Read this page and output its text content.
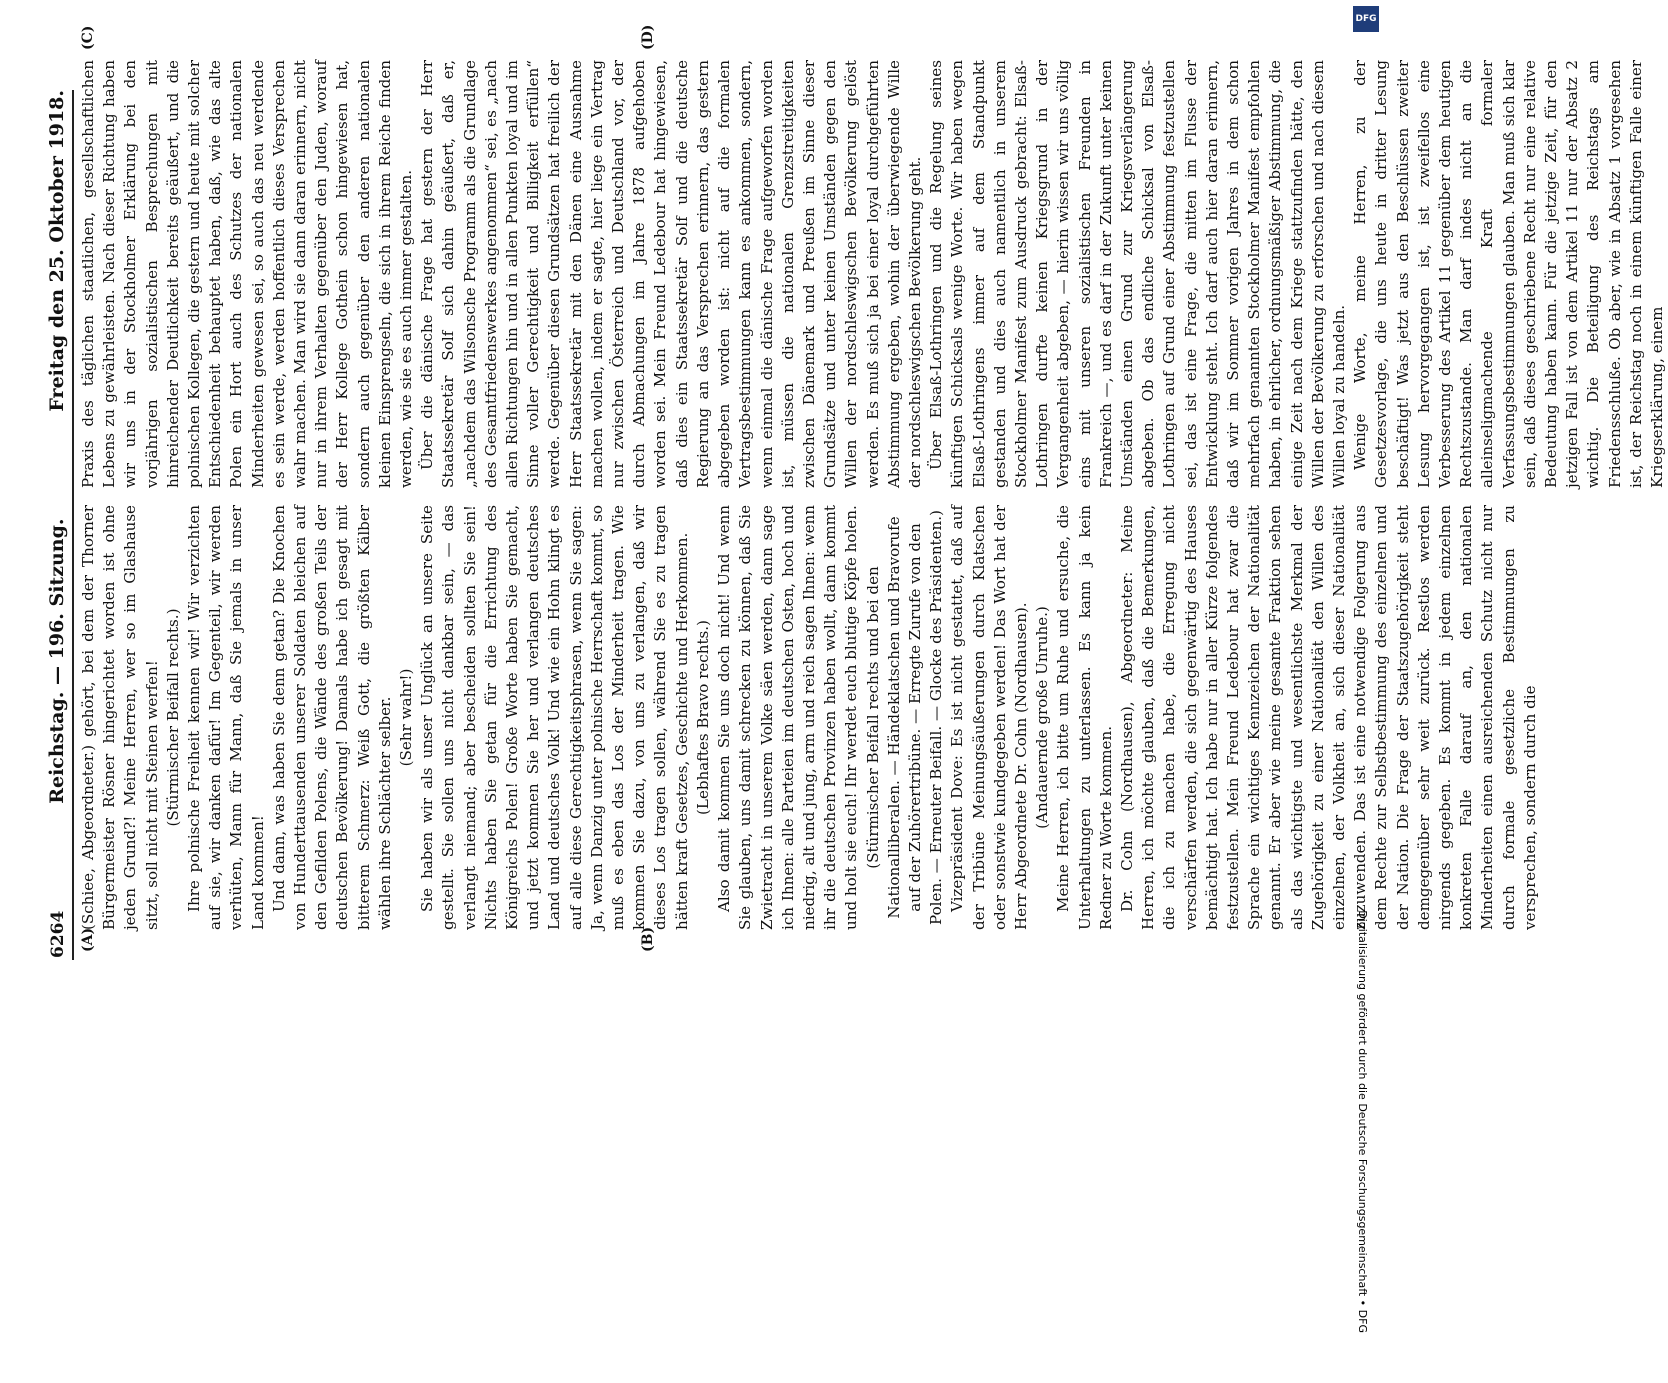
6264
Reichstag. — 196. Sitzung.
Freitag den 25. Oktober 1918.
(A)	(B)
(C)	(D)

(Schiee, Abgeordneter.) gehört, bei dem der Thorner Bürgermeister Rösner hingerichtet worden ist ohne jeden Grund?! Meine Herren, wer so im Glashause sitzt, soll nicht mit Steinen werfen! (Stürmischer Beifall rechts.) Ihre polnische Freiheit kennen wir! Wir verzichten auf sie, wir danken dafür! Im Gegenteil, wir werden verhüten, Mann für Mann, daß Sie jemals in unser Land kommen! Und dann, was haben Sie denn getan? Die Knochen von Hunderttausenden unserer Soldaten bleichen auf den Gefilden Polens, die Wände des großen Teils der deutschen Bevölkerung! Damals habe ich gesagt mit bitterem Schmerz: Weiß Gott, die größten Kälber wählen ihre Schlächter selber. (Sehr wahr!) Sie haben wir als unser Unglück an unsere Seite gestellt. Sie sollen uns nicht dankbar sein, — das verlangt niemand; aber bescheiden sollten Sie sein! Nichts haben Sie getan für die Errichtung des Königreichs Polen! Große Worte haben Sie gemacht, und jetzt kommen Sie her und verlangen deutsches Land und deutsches Volk! Und wie ein Hohn klingt es auf alle diese Gerechtigkeitsphrasen, wenn Sie sagen: Ja, wenn Danzig unter polnische Herrschaft kommt, so muß es eben das Los der Minderheit tragen. Wie kommen Sie dazu, von uns zu verlangen, daß wir dieses Los tragen sollen, während Sie es zu tragen hätten kraft Gesetzes, Geschichte und Herkommen. (Lebhaftes Bravo rechts.) Also damit kommen Sie uns doch nicht! Und wenn Sie glauben, uns damit schrecken zu können, daß Sie Zwietracht in unserem Volke säen werden, dann sage ich Ihnen: alle Parteien im deutschen Osten, hoch und niedrig, alt und jung, arm und reich sagen Ihnen: wenn ihr die deutschen Provinzen haben wollt, dann kommt und holt sie euch! Ihr werdet euch blutige Köpfe holen. (Stürmischer Beifall rechts und bei den Nationalliberalen. — Händeklatschen und Bravorufe auf der Zuhörertribüne. — Erregte Zurufe von den Polen. — Erneuter Beifall. — Glocke des Präsidenten.) Vizepräsident Dove: Es ist nicht gestattet, daß auf der Tribüne Meinungsäußerungen durch Klatschen oder sonstwie kundgegeben werden! Das Wort hat der Herr Abgeordnete Dr. Cohn (Nordhausen). (Andauernde große Unruhe.) Meine Herren, ich bitte um Ruhe und ersuche, die Unterhaltungen zu unterlassen. Es kann ja kein Redner zu Worte kommen. Dr. Cohn (Nordhausen), Abgeordneter: Meine Herren, ich möchte glauben, daß die Bemerkungen, die ich zu machen habe, die Erregung nicht verschärfen werden, die sich gegenwärtig des Hauses bemächtigt hat. Ich habe nur in aller Kürze folgendes festzustellen. Mein Freund Ledebour hat zwar die Sprache ein wichtiges Kennzeichen der Nationalität genannt. Er aber wie meine gesamte Fraktion sehen als das wichtigste und wesentlichste Merkmal der Zugehörigkeit zu einer Nationalität den Willen des einzelnen, der Volkheit an, sich dieser Nationalität zuzuwenden. Das ist eine notwendige Folgerung aus dem Rechte zur Selbstbestimmung des einzelnen und der Nation. Die Frage der Staatszugehörigkeit steht demgegenüber sehr weit zurück. Restlos werden nirgends gegeben. Es kommt in jedem einzelnen konkreten Falle darauf an, den nationalen Minderheiten einen ausreichenden Schutz nicht nur durch formale gesetzliche Bestimmungen zu versprechen, sondern durch die

Praxis des täglichen staatlichen, gesellschaftlichen Lebens zu gewährleisten. Nach dieser Richtung haben wir uns in der Stockholmer Erklärung bei den vorjährigen sozialistischen Besprechungen mit hinreichender Deutlichkeit bereits geäußert, und die polnischen Kollegen, die gestern und heute mit solcher Entschiedenheit behauptet haben, daß, wie das alte Polen ein Hort auch des Schutzes der nationalen Minderheiten gewesen sei, so auch das neu werdende es sein werde, werden hoffentlich dieses Versprechen wahr machen. Man wird sie dann daran erinnern, nicht nur in ihrem Verhalten gegenüber den Juden, worauf der Herr Kollege Gothein schon hingewiesen hat, sondern auch gegenüber den anderen nationalen kleinen Einsprengseln, die sich in ihrem Reiche finden werden, wie sie es auch immer gestalten. Über die dänische Frage hat gestern der Herr Staatssekretär Solf sich dahin geäußert, daß er, „nachdem das Wilsonsche Programm als die Grundlage des Gesamtfriedenswerkes angenommen“ sei, es „nach allen Richtungen hin und in allen Punkten loyal und im Sinne voller Gerechtigkeit und Billigkeit erfüllen“ werde. Gegenüber diesen Grundsätzen hat freilich der Herr Staatssekretär mit den Dänen eine Ausnahme machen wollen, indem er sagte, hier liege ein Vertrag nur zwischen Österreich und Deutschland vor, der durch Abmachungen im Jahre 1878 aufgehoben worden sei. Mein Freund Ledebour hat hingewiesen, daß dies ein Staatssekretär Solf und die deutsche Regierung an das Versprechen erinnern, das gestern abgegeben worden ist: nicht auf die formalen Vertragsbestimmungen kann es ankommen, sondern, wenn einmal die dänische Frage aufgeworfen worden ist, müssen die nationalen Grenzstreitigkeiten zwischen Dänemark und Preußen im Sinne dieser Grundsätze und unter keinen Umständen gegen den Willen der nordschleswigschen Bevölkerung gelöst werden. Es muß sich ja bei einer loyal durchgeführten Abstimmung ergeben, wohin der überwiegende Wille der nordschleswigschen Bevölkerung geht. Über Elsaß-Lothringen und die Regelung seines künftigen Schicksals wenige Worte. Wir haben wegen Elsaß-Lothringens immer auf dem Standpunkt gestanden und dies auch namentlich in unserem Stockholmer Manifest zum Ausdruck gebracht: Elsaß-Lothringen durfte keinen Kriegsgrund in der Vergangenheit abgeben, — hierin wissen wir uns völlig eins mit unseren sozialistischen Freunden in Frankreich —, und es darf in der Zukunft unter keinen Umständen einen Grund zur Kriegsverlängerung abgeben. Ob das endliche Schicksal von Elsaß-Lothringen auf Grund einer Abstimmung festzustellen sei, das ist eine Frage, die mitten im Flusse der Entwicklung steht. Ich darf auch hier daran erinnern, daß wir im Sommer vorigen Jahres in dem schon mehrfach genannten Stockholmer Manifest empfohlen haben, in ehrlicher, ordnungsmäßiger Abstimmung, die einige Zeit nach dem Kriege stattzufinden hätte, den Willen der Bevölkerung zu erforschen und nach diesem Willen loyal zu handeln. Wenige Worte, meine Herren, zu der Gesetzesvorlage, die uns heute in dritter Lesung beschäftigt! Was jetzt aus den Beschlüssen zweiter Lesung hervorgegangen ist, ist zweifellos eine Verbesserung des Artikel 11 gegenüber dem heutigen Rechtszustande. Man darf indes nicht an die alleinseligmachende Kraft formaler Verfassungsbestimmungen glauben. Man muß sich klar sein, daß dieses geschriebene Recht nur eine relative Bedeutung haben kann. Für die jetzige Zeit, für den jetzigen Fall ist von dem Artikel 11 nur der Absatz 2 wichtig. Die Beteiligung des Reichstags am Friedensschluße. Ob aber, wie in Absatz 1 vorgesehen ist, der Reichstag noch in einem künftigen Falle einer Kriegserklärung, einem

DFG
Digitalisierung gefördert durch die Deutsche Forschungsgemeinschaft • DFG
